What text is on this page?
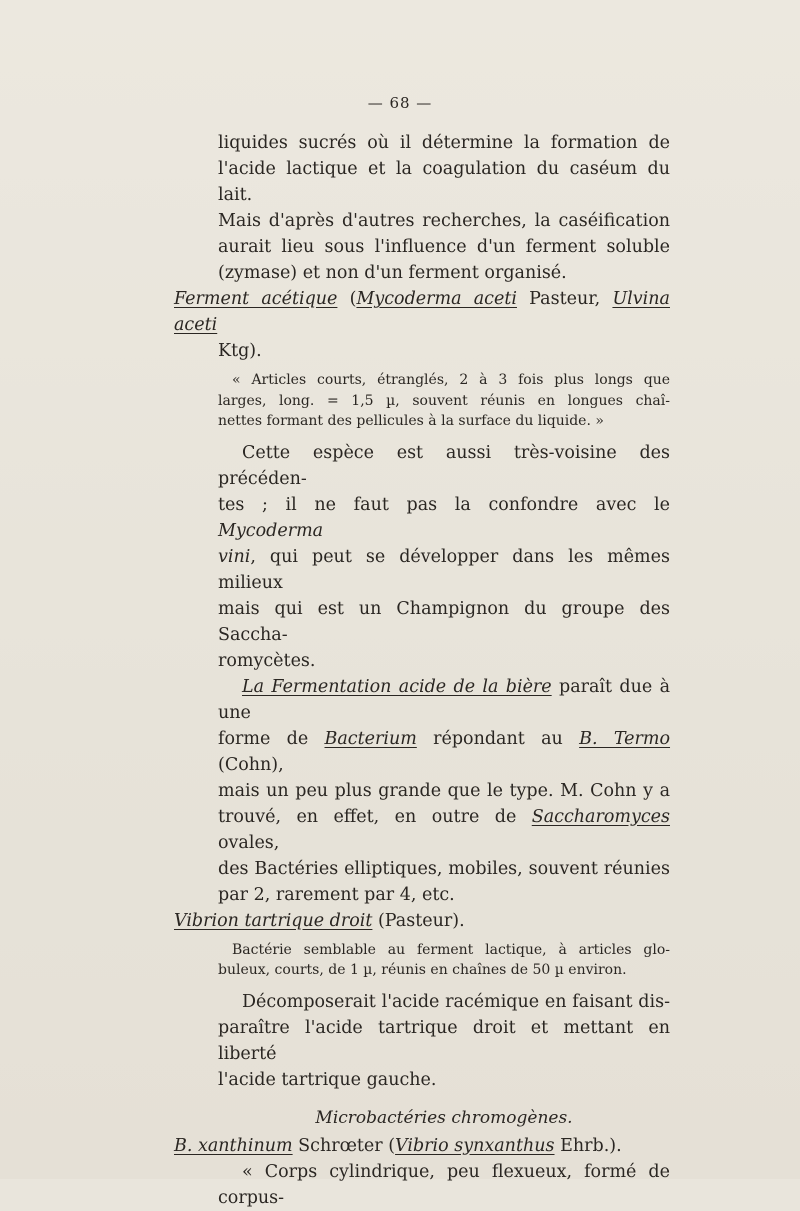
— 68 —

liquides sucrés où il détermine la formation de

l'acide lactique et la coagulation du caséum du lait.

Mais d'après d'autres recherches, la caséification

aurait lieu sous l'influence d'un ferment soluble

(zymase) et non d'un ferment organisé.

Ferment acétique (Mycoderma aceti Pasteur, Ulvina aceti

Ktg).

« Articles courts, étranglés, 2 à 3 fois plus longs que

larges, long. = 1,5 µ, souvent réunis en longues chaî-

nettes formant des pellicules à la surface du liquide. »

Cette espèce est aussi très-voisine des précéden-

tes ; il ne faut pas la confondre avec le Mycoderma

vini, qui peut se développer dans les mêmes milieux

mais qui est un Champignon du groupe des Saccha-

romycètes.

La Fermentation acide de la bière paraît due à une

forme de Bacterium répondant au B. Termo (Cohn),

mais un peu plus grande que le type. M. Cohn y a

trouvé, en effet, en outre de Saccharomyces ovales,

des Bactéries elliptiques, mobiles, souvent réunies

par 2, rarement par 4, etc.

Vibrion tartrique droit (Pasteur).

Bactérie semblable au ferment lactique, à articles glo-

buleux, courts, de 1 µ, réunis en chaînes de 50 µ environ.

Décomposerait l'acide racémique en faisant dis-

paraître l'acide tartrique droit et mettant en liberté

l'acide tartrique gauche.

Microbactéries chromogènes.

B. xanthinum Schrœter (Vibrio synxanthus Ehrb.).

« Corps cylindrique, peu flexueux, formé de corpus-
